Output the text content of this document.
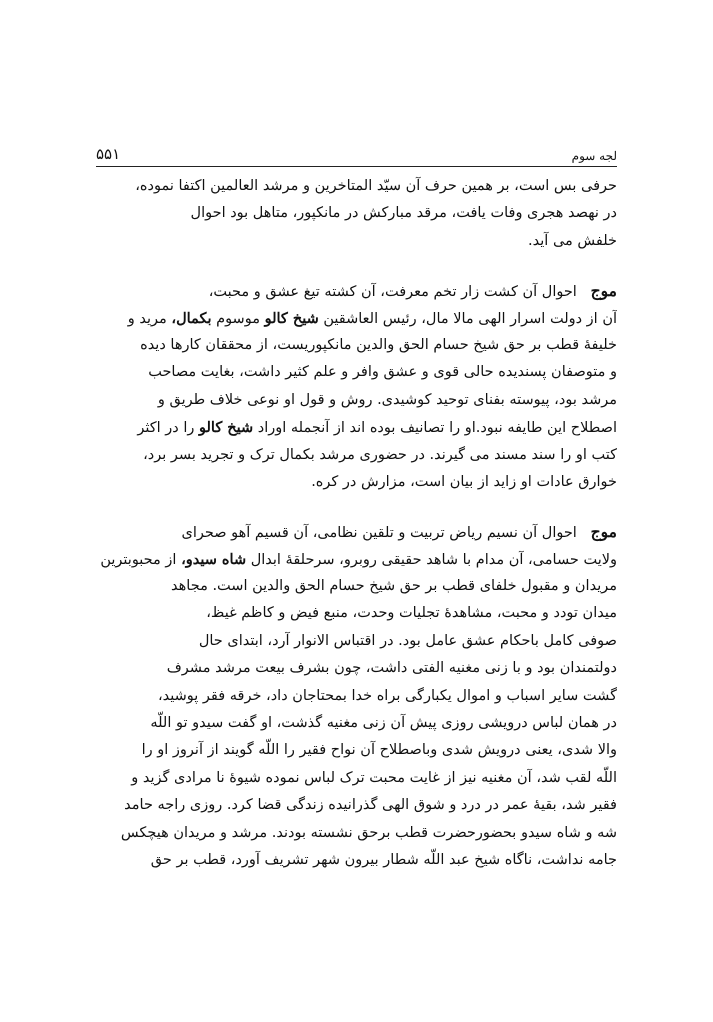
لجه سوم
۵۵۱
حرفی بس است، بر همین حرف آن سیّد المتاخرین و مرشد العالمین اکتفا نموده،
در نهصد هجری وفات یافت، مرقد مبارکش در مانکپور، متاهل بود احوال
خلفش می آید.
موج   احوال آن کشت زار تخم معرفت، آن کشته تیغ عشق و محبت،
آن از دولت اسرار الهی مالا مال، رئیس العاشقین شیخ کالو موسوم بکمال، مرید و
خلیفهٔ قطب بر حق شیخ حسام الحق والدین مانکپوریست، از محققان کارها دیده
و متوصفان پسندیده حالی قوی و عشق وافر و علم کثیر داشت، بغایت مصاحب
مرشد بود، پیوسته بفنای توحید کوشیدی. روش و قول او نوعی خلاف طریق و
اصطلاح این طایفه نبود.او را تصانیف بوده اند از آنجمله اوراد شیخ کالو را در اکثر
کتب او را سند مسند می گیرند. در حضوری مرشد بکمال ترک و تجرید بسر برد،
خوارق عادات او زاید از بیان است، مزارش در کره.
موج   احوال آن نسیم ریاض تربیت و تلقین نظامی، آن قسیم آهو صحرای
ولایت حسامی، آن مدام با شاهد حقیقی روبرو، سرحلقهٔ ابدال شاه سیدو، از محبوبترین
مریدان و مقبول خلفای قطب بر حق شیخ حسام الحق والدین است. مجاهد
میدان تودد و محبت، مشاهدهٔ تجلیات وحدت، منبع فیض و کاظم غیظ،
صوفی کامل باحکام عشق عامل بود. در اقتباس الانوار آرد، ابتدای حال
دولتمندان بود و با زنی مغنیه الفتی داشت، چون بشرف بیعت مرشد مشرف
گشت سایر اسباب و اموال یکبارگی براه خدا بمحتاجان داد، خرقه فقر پوشید،
در همان لباس درویشی روزی پیش آن زنی مغنیه گذشت، او گفت سیدو تو اللّه
والا شدی، یعنی درویش شدی وباصطلاح آن نواح فقیر را اللّه گویند از آنروز او را
اللّه لقب شد، آن مغنیه نیز از غایت محبت ترک لباس نموده شیوهٔ نا مرادی گزید و
فقیر شد، بقیهٔ عمر در درد و شوق الهی گذرانیده زندگی قضا کرد. روزی راجه حامد
شه و شاه سیدو بحضورحضرت قطب برحق نشسته بودند. مرشد و مریدان هیچکس
جامه نداشت، ناگاه شیخ عبد اللّه شطار بیرون شهر تشریف آورد، قطب بر حق
